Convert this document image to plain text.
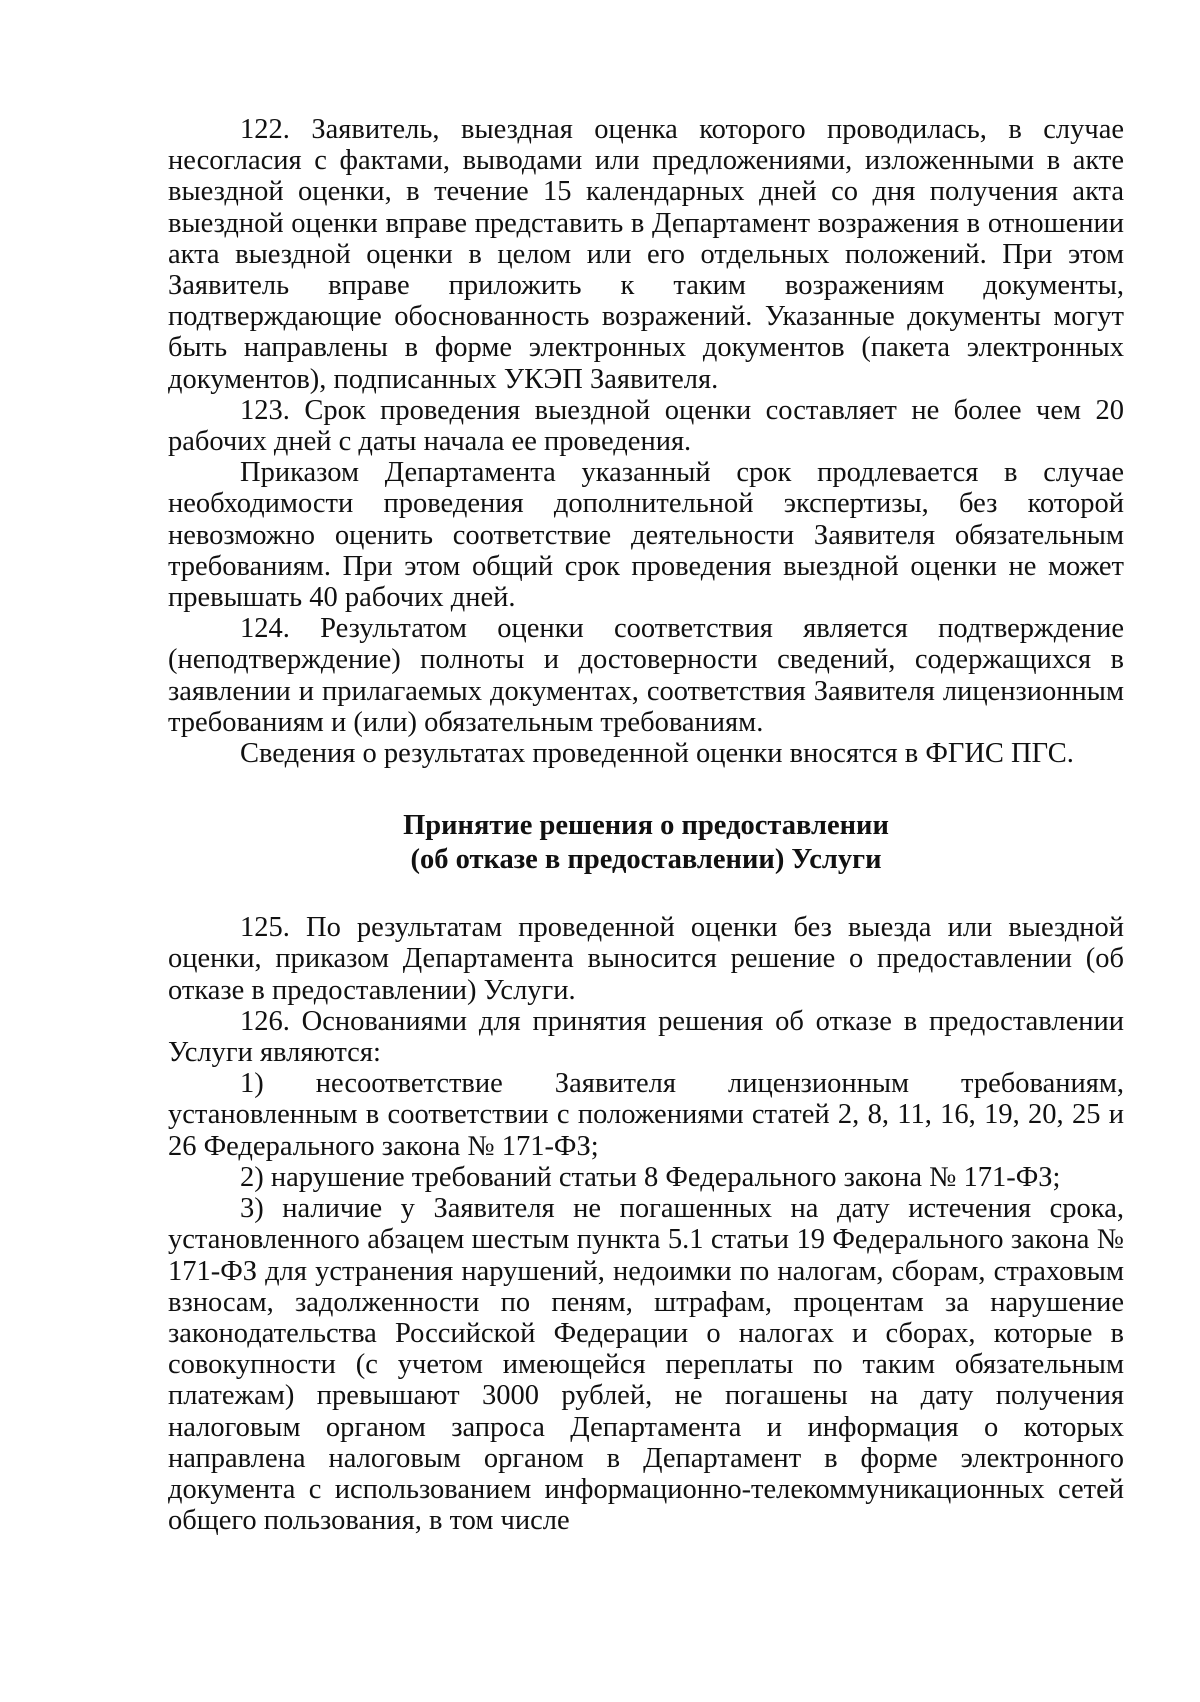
122. Заявитель, выездная оценка которого проводилась, в случае несогласия с фактами, выводами или предложениями, изложенными в акте выездной оценки, в течение 15 календарных дней со дня получения акта выездной оценки вправе представить в Департамент возражения в отношении акта выездной оценки в целом или его отдельных положений. При этом Заявитель вправе приложить к таким возражениям документы, подтверждающие обоснованность возражений. Указанные документы могут быть направлены в форме электронных документов (пакета электронных документов), подписанных УКЭП Заявителя.

123. Срок проведения выездной оценки составляет не более чем 20 рабочих дней с даты начала ее проведения.

Приказом Департамента указанный срок продлевается в случае необходимости проведения дополнительной экспертизы, без которой невозможно оценить соответствие деятельности Заявителя обязательным требованиям. При этом общий срок проведения выездной оценки не может превышать 40 рабочих дней.

124. Результатом оценки соответствия является подтверждение (неподтверждение) полноты и достоверности сведений, содержащихся в заявлении и прилагаемых документах, соответствия Заявителя лицензионным требованиям и (или) обязательным требованиям.

Сведения о результатах проведенной оценки вносятся в ФГИС ПГС.

Принятие решения о предоставлении
(об отказе в предоставлении) Услуги

125. По результатам проведенной оценки без выезда или выездной оценки, приказом Департамента выносится решение о предоставлении (об отказе в предоставлении) Услуги.

126. Основаниями для принятия решения об отказе в предоставлении Услуги являются:

1) несоответствие Заявителя лицензионным требованиям, установленным в соответствии с положениями статей 2, 8, 11, 16, 19, 20, 25 и 26 Федерального закона № 171-ФЗ;

2) нарушение требований статьи 8 Федерального закона № 171-ФЗ;

3) наличие у Заявителя не погашенных на дату истечения срока, установленного абзацем шестым пункта 5.1 статьи 19 Федерального закона № 171-ФЗ для устранения нарушений, недоимки по налогам, сборам, страховым взносам, задолженности по пеням, штрафам, процентам за нарушение законодательства Российской Федерации о налогах и сборах, которые в совокупности (с учетом имеющейся переплаты по таким обязательным платежам) превышают 3000 рублей, не погашены на дату получения налоговым органом запроса Департамента и информация о которых направлена налоговым органом в Департамент в форме электронного документа с использованием информационно-телекоммуникационных сетей общего пользования, в том числе
